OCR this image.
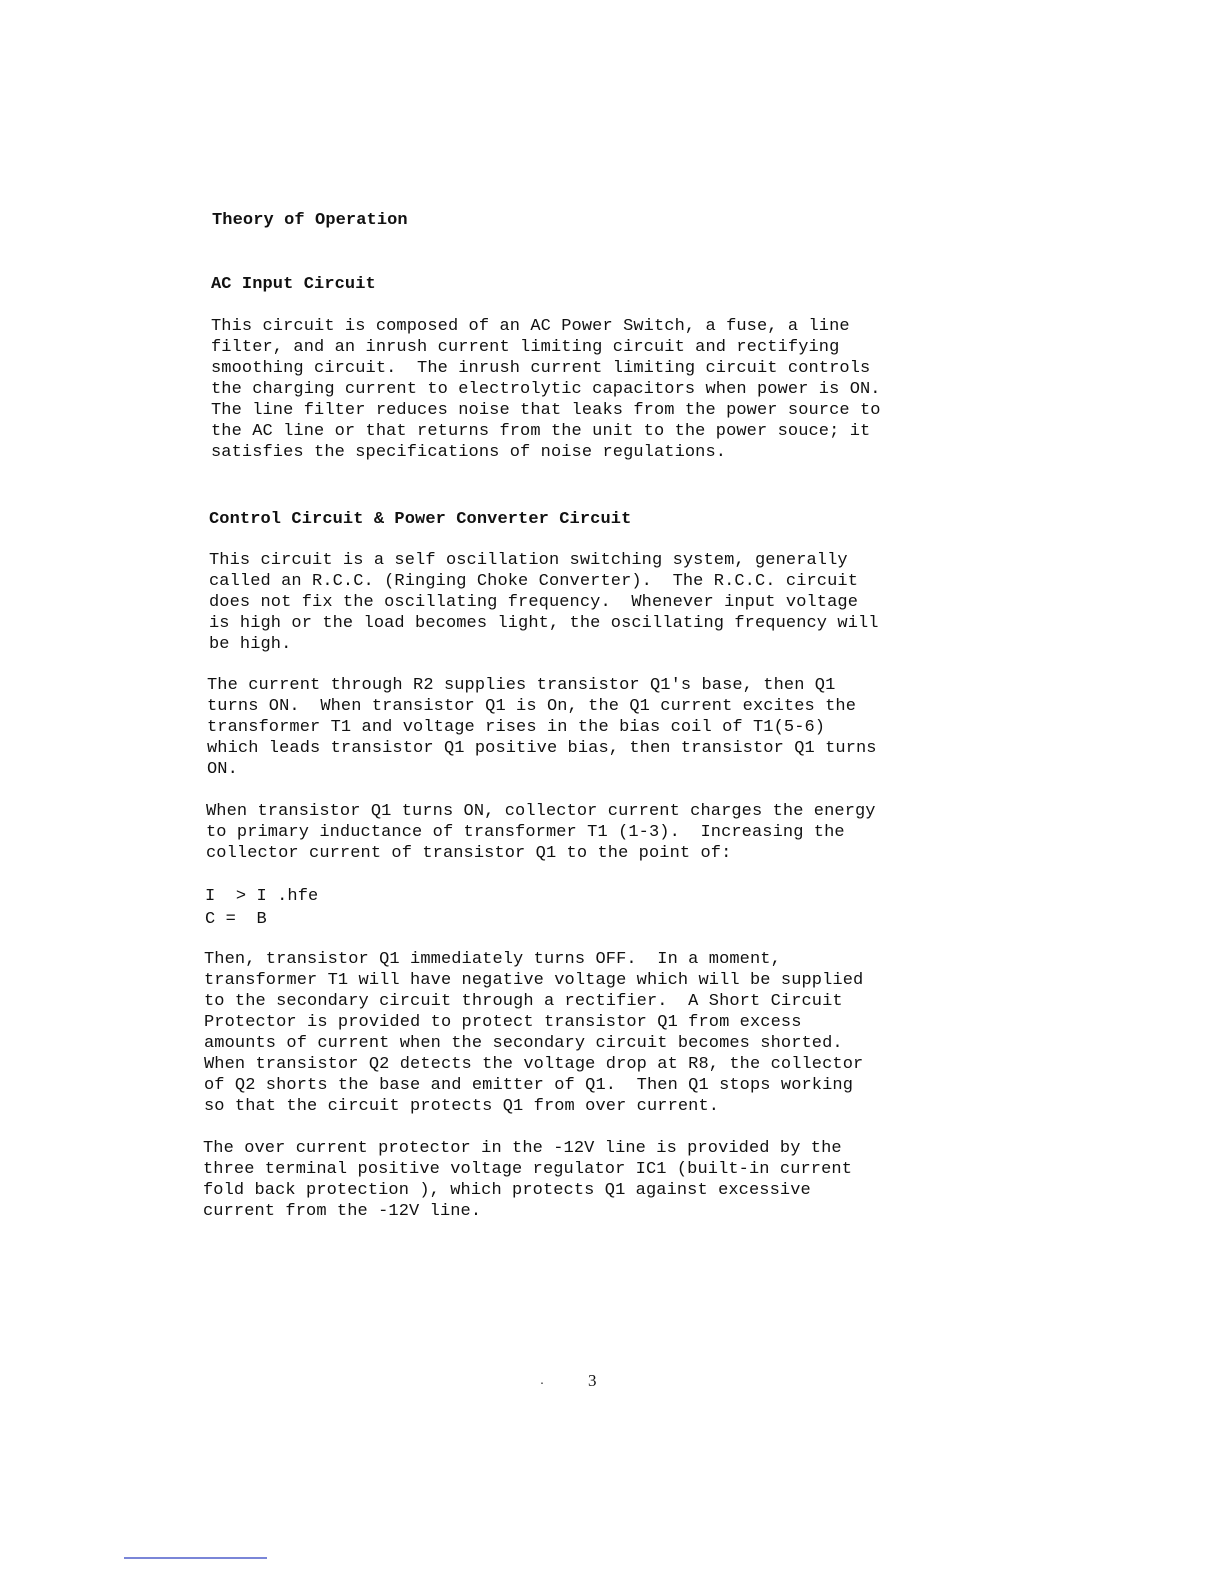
Theory of Operation
AC Input Circuit
This circuit is composed of an AC Power Switch, a fuse, a line
filter, and an inrush current limiting circuit and rectifying
smoothing circuit.  The inrush current limiting circuit controls
the charging current to electrolytic capacitors when power is ON.
The line filter reduces noise that leaks from the power source to
the AC line or that returns from the unit to the power souce; it
satisfies the specifications of noise regulations.
Control Circuit & Power Converter Circuit
This circuit is a self oscillation switching system, generally
called an R.C.C. (Ringing Choke Converter).  The R.C.C. circuit
does not fix the oscillating frequency.  Whenever input voltage
is high or the load becomes light, the oscillating frequency will
be high.
The current through R2 supplies transistor Q1's base, then Q1
turns ON.  When transistor Q1 is On, the Q1 current excites the
transformer T1 and voltage rises in the bias coil of T1(5-6)
which leads transistor Q1 positive bias, then transistor Q1 turns
ON.
When transistor Q1 turns ON, collector current charges the energy
to primary inductance of transformer T1 (1-3).  Increasing the
collector current of transistor Q1 to the point of:
I  > I .hfe
C =  B
Then, transistor Q1 immediately turns OFF.  In a moment,
transformer T1 will have negative voltage which will be supplied
to the secondary circuit through a rectifier.  A Short Circuit
Protector is provided to protect transistor Q1 from excess
amounts of current when the secondary circuit becomes shorted.
When transistor Q2 detects the voltage drop at R8, the collector
of Q2 shorts the base and emitter of Q1.  Then Q1 stops working
so that the circuit protects Q1 from over current.
The over current protector in the -12V line is provided by the
three terminal positive voltage regulator IC1 (built-in current
fold back protection ), which protects Q1 against excessive
current from the -12V line.
.	3
